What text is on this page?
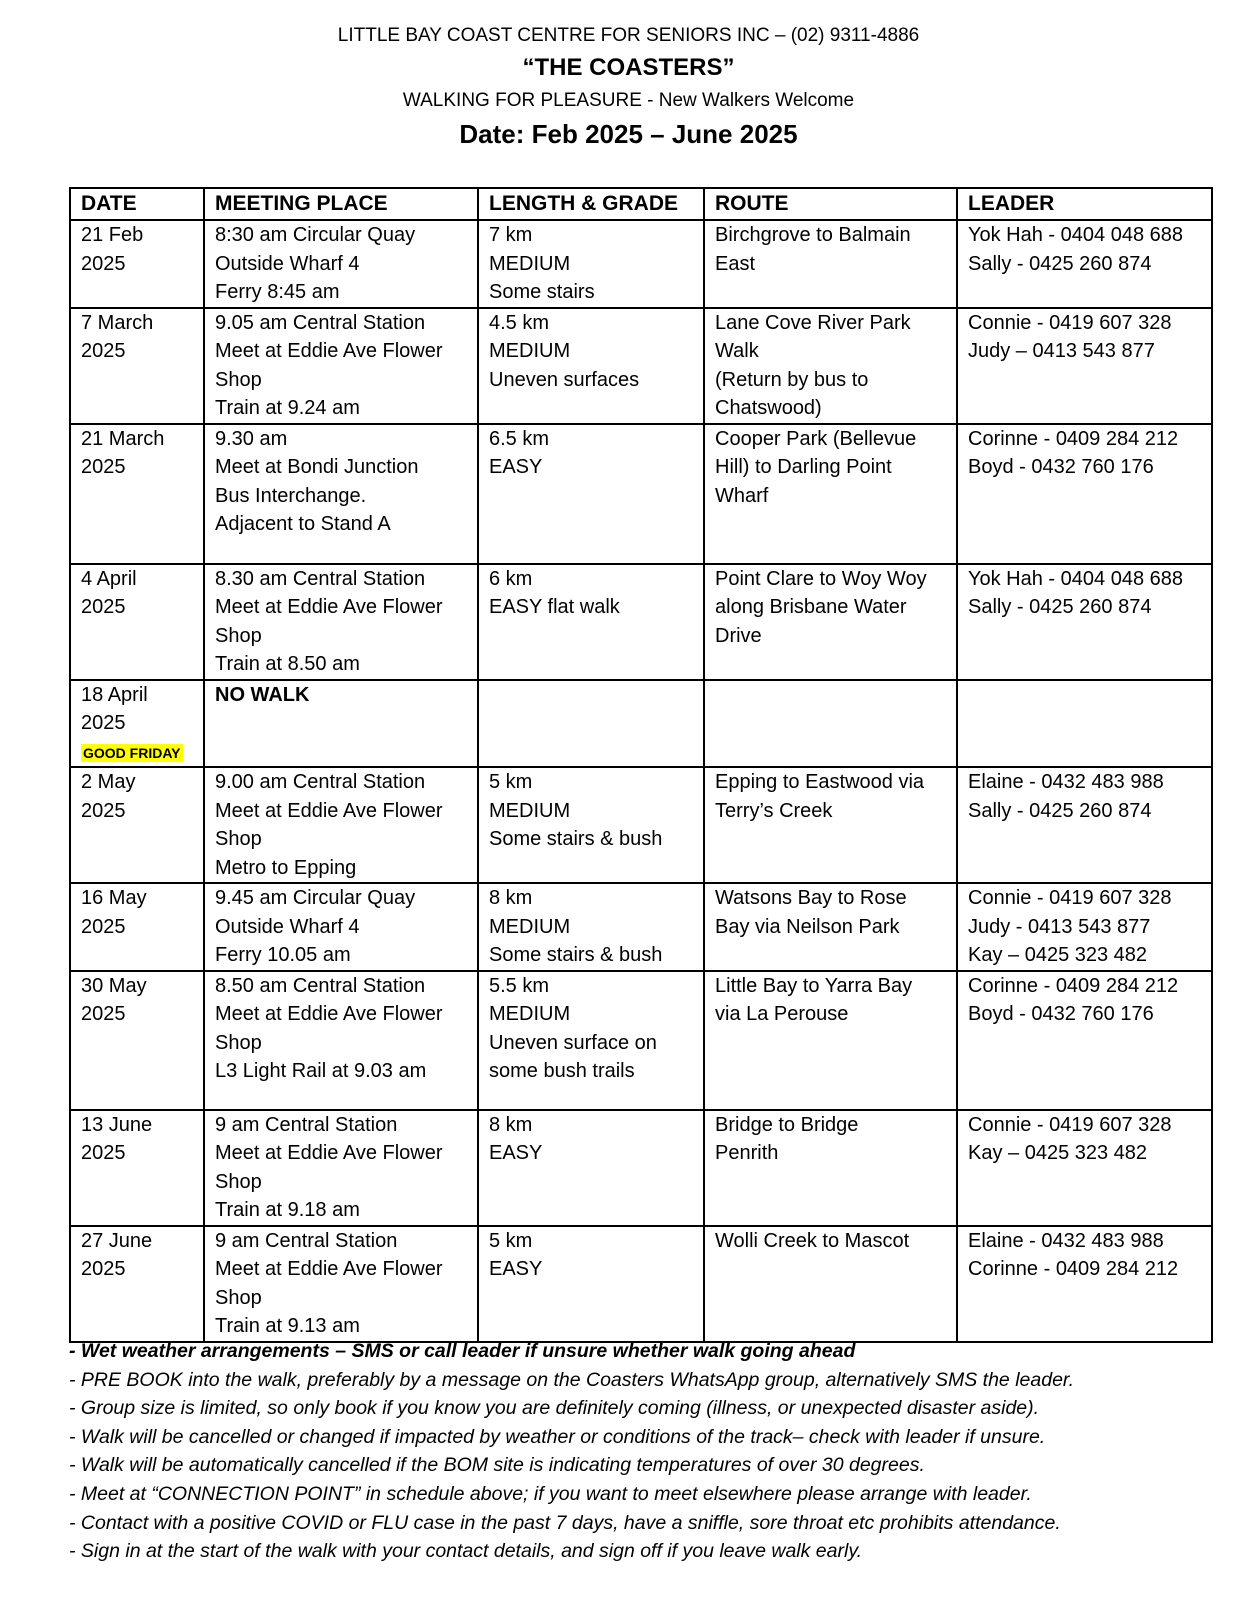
LITTLE BAY COAST CENTRE FOR SENIORS INC – (02) 9311-4886
“THE COASTERS”
WALKING FOR PLEASURE - New Walkers Welcome
Date: Feb 2025 – June 2025
DATE	MEETING PLACE	LENGTH & GRADE	ROUTE	LEADER

21 Feb
2025	8:30 am Circular Quay
Outside Wharf 4
Ferry 8:45 am	7 km
MEDIUM
Some stairs	Birchgrove to Balmain
East	Yok Hah - 0404 048 688
Sally - 0425 260 874

7 March
2025	9.05 am Central Station
Meet at Eddie Ave Flower
Shop
Train at 9.24 am	4.5 km
MEDIUM
Uneven surfaces	Lane Cove River Park
Walk
(Return by bus to
Chatswood)	Connie - 0419 607 328
Judy – 0413 543 877

21 March
2025	9.30 am
Meet at Bondi Junction
Bus Interchange.
Adjacent to Stand A	6.5 km
EASY	Cooper Park (Bellevue
Hill) to Darling Point
Wharf	Corinne - 0409 284 212
Boyd - 0432 760 176

4 April
2025	8.30 am Central Station
Meet at Eddie Ave Flower
Shop
Train at 8.50 am	6 km
EASY flat walk	Point Clare to Woy Woy
along Brisbane Water
Drive	Yok Hah - 0404 048 688
Sally - 0425 260 874

18 April
2025
GOOD FRIDAY	NO WALK			

2 May
2025	9.00 am Central Station
Meet at Eddie Ave Flower
Shop
Metro to Epping	5 km
MEDIUM
Some stairs & bush	Epping to Eastwood via
Terry’s Creek	Elaine - 0432 483 988
Sally - 0425 260 874

16 May
2025	9.45 am Circular Quay
Outside Wharf 4
Ferry 10.05 am	8 km
MEDIUM
Some stairs & bush	Watsons Bay to Rose
Bay via Neilson Park	Connie - 0419 607 328
Judy - 0413 543 877
Kay – 0425 323 482

30 May
2025	8.50 am Central Station
Meet at Eddie Ave Flower
Shop
L3 Light Rail at 9.03 am	5.5 km
MEDIUM
Uneven surface on
some bush trails	Little Bay to Yarra Bay
via La Perouse	Corinne - 0409 284 212
Boyd - 0432 760 176

13 June
2025	9 am Central Station
Meet at Eddie Ave Flower
Shop
Train at 9.18 am	8 km
EASY	Bridge to Bridge
Penrith	Connie - 0419 607 328
Kay – 0425 323 482

27 June
2025	9 am Central Station
Meet at Eddie Ave Flower
Shop
Train at 9.13 am	5 km
EASY	Wolli Creek to Mascot	Elaine - 0432 483 988
Corinne - 0409 284 212
- Wet weather arrangements – SMS or call leader if unsure whether walk going ahead
- PRE BOOK into the walk, preferably by a message on the Coasters WhatsApp group, alternatively SMS the leader.
- Group size is limited, so only book if you know you are definitely coming (illness, or unexpected disaster aside).
- Walk will be cancelled or changed if impacted by weather or conditions of the track– check with leader if unsure.
- Walk will be automatically cancelled if the BOM site is indicating temperatures of over 30 degrees.
- Meet at “CONNECTION POINT” in schedule above; if you want to meet elsewhere please arrange with leader.
- Contact with a positive COVID or FLU case in the past 7 days, have a sniffle, sore throat etc prohibits attendance.
- Sign in at the start of the walk with your contact details, and sign off if you leave walk early.
